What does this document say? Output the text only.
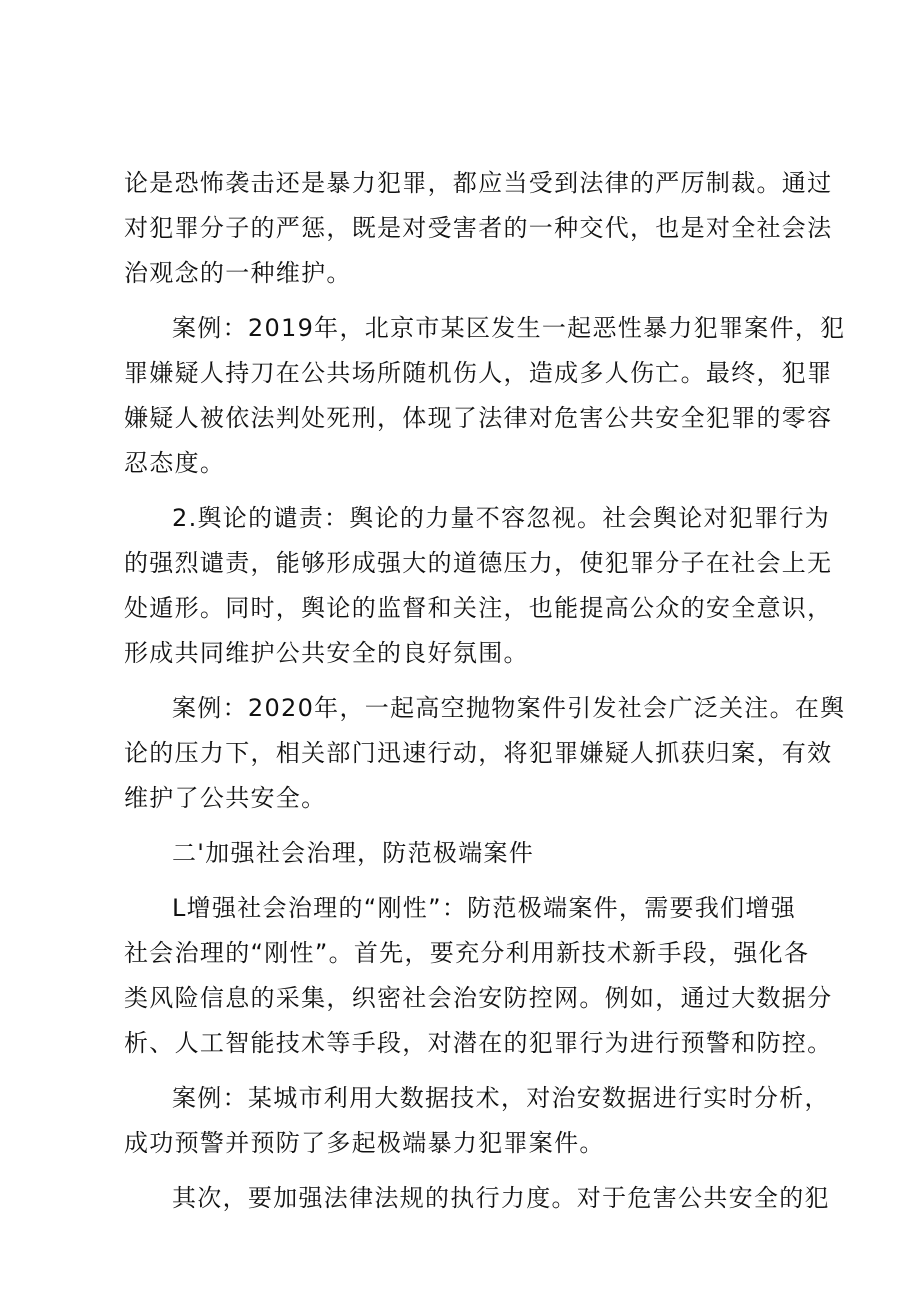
论是恐怖袭击还是暴力犯罪，都应当受到法律的严厉制裁。通过
对犯罪分子的严惩，既是对受害者的一种交代，也是对全社会法
治观念的一种维护。

案例：2019年，北京市某区发生一起恶性暴力犯罪案件，犯
罪嫌疑人持刀在公共场所随机伤人，造成多人伤亡。最终，犯罪
嫌疑人被依法判处死刑，体现了法律对危害公共安全犯罪的零容
忍态度。

2.舆论的谴责：舆论的力量不容忽视。社会舆论对犯罪行为
的强烈谴责，能够形成强大的道德压力，使犯罪分子在社会上无
处遁形。同时，舆论的监督和关注，也能提高公众的安全意识，
形成共同维护公共安全的良好氛围。

案例：2020年，一起高空抛物案件引发社会广泛关注。在舆
论的压力下，相关部门迅速行动，将犯罪嫌疑人抓获归案，有效
维护了公共安全。

二'加强社会治理，防范极端案件

L增强社会治理的“刚性”：防范极端案件，需要我们增强
社会治理的“刚性”。首先，要充分利用新技术新手段，强化各
类风险信息的采集，织密社会治安防控网。例如，通过大数据分
析、人工智能技术等手段，对潜在的犯罪行为进行预警和防控。

案例：某城市利用大数据技术，对治安数据进行实时分析，
成功预警并预防了多起极端暴力犯罪案件。

其次，要加强法律法规的执行力度。对于危害公共安全的犯
